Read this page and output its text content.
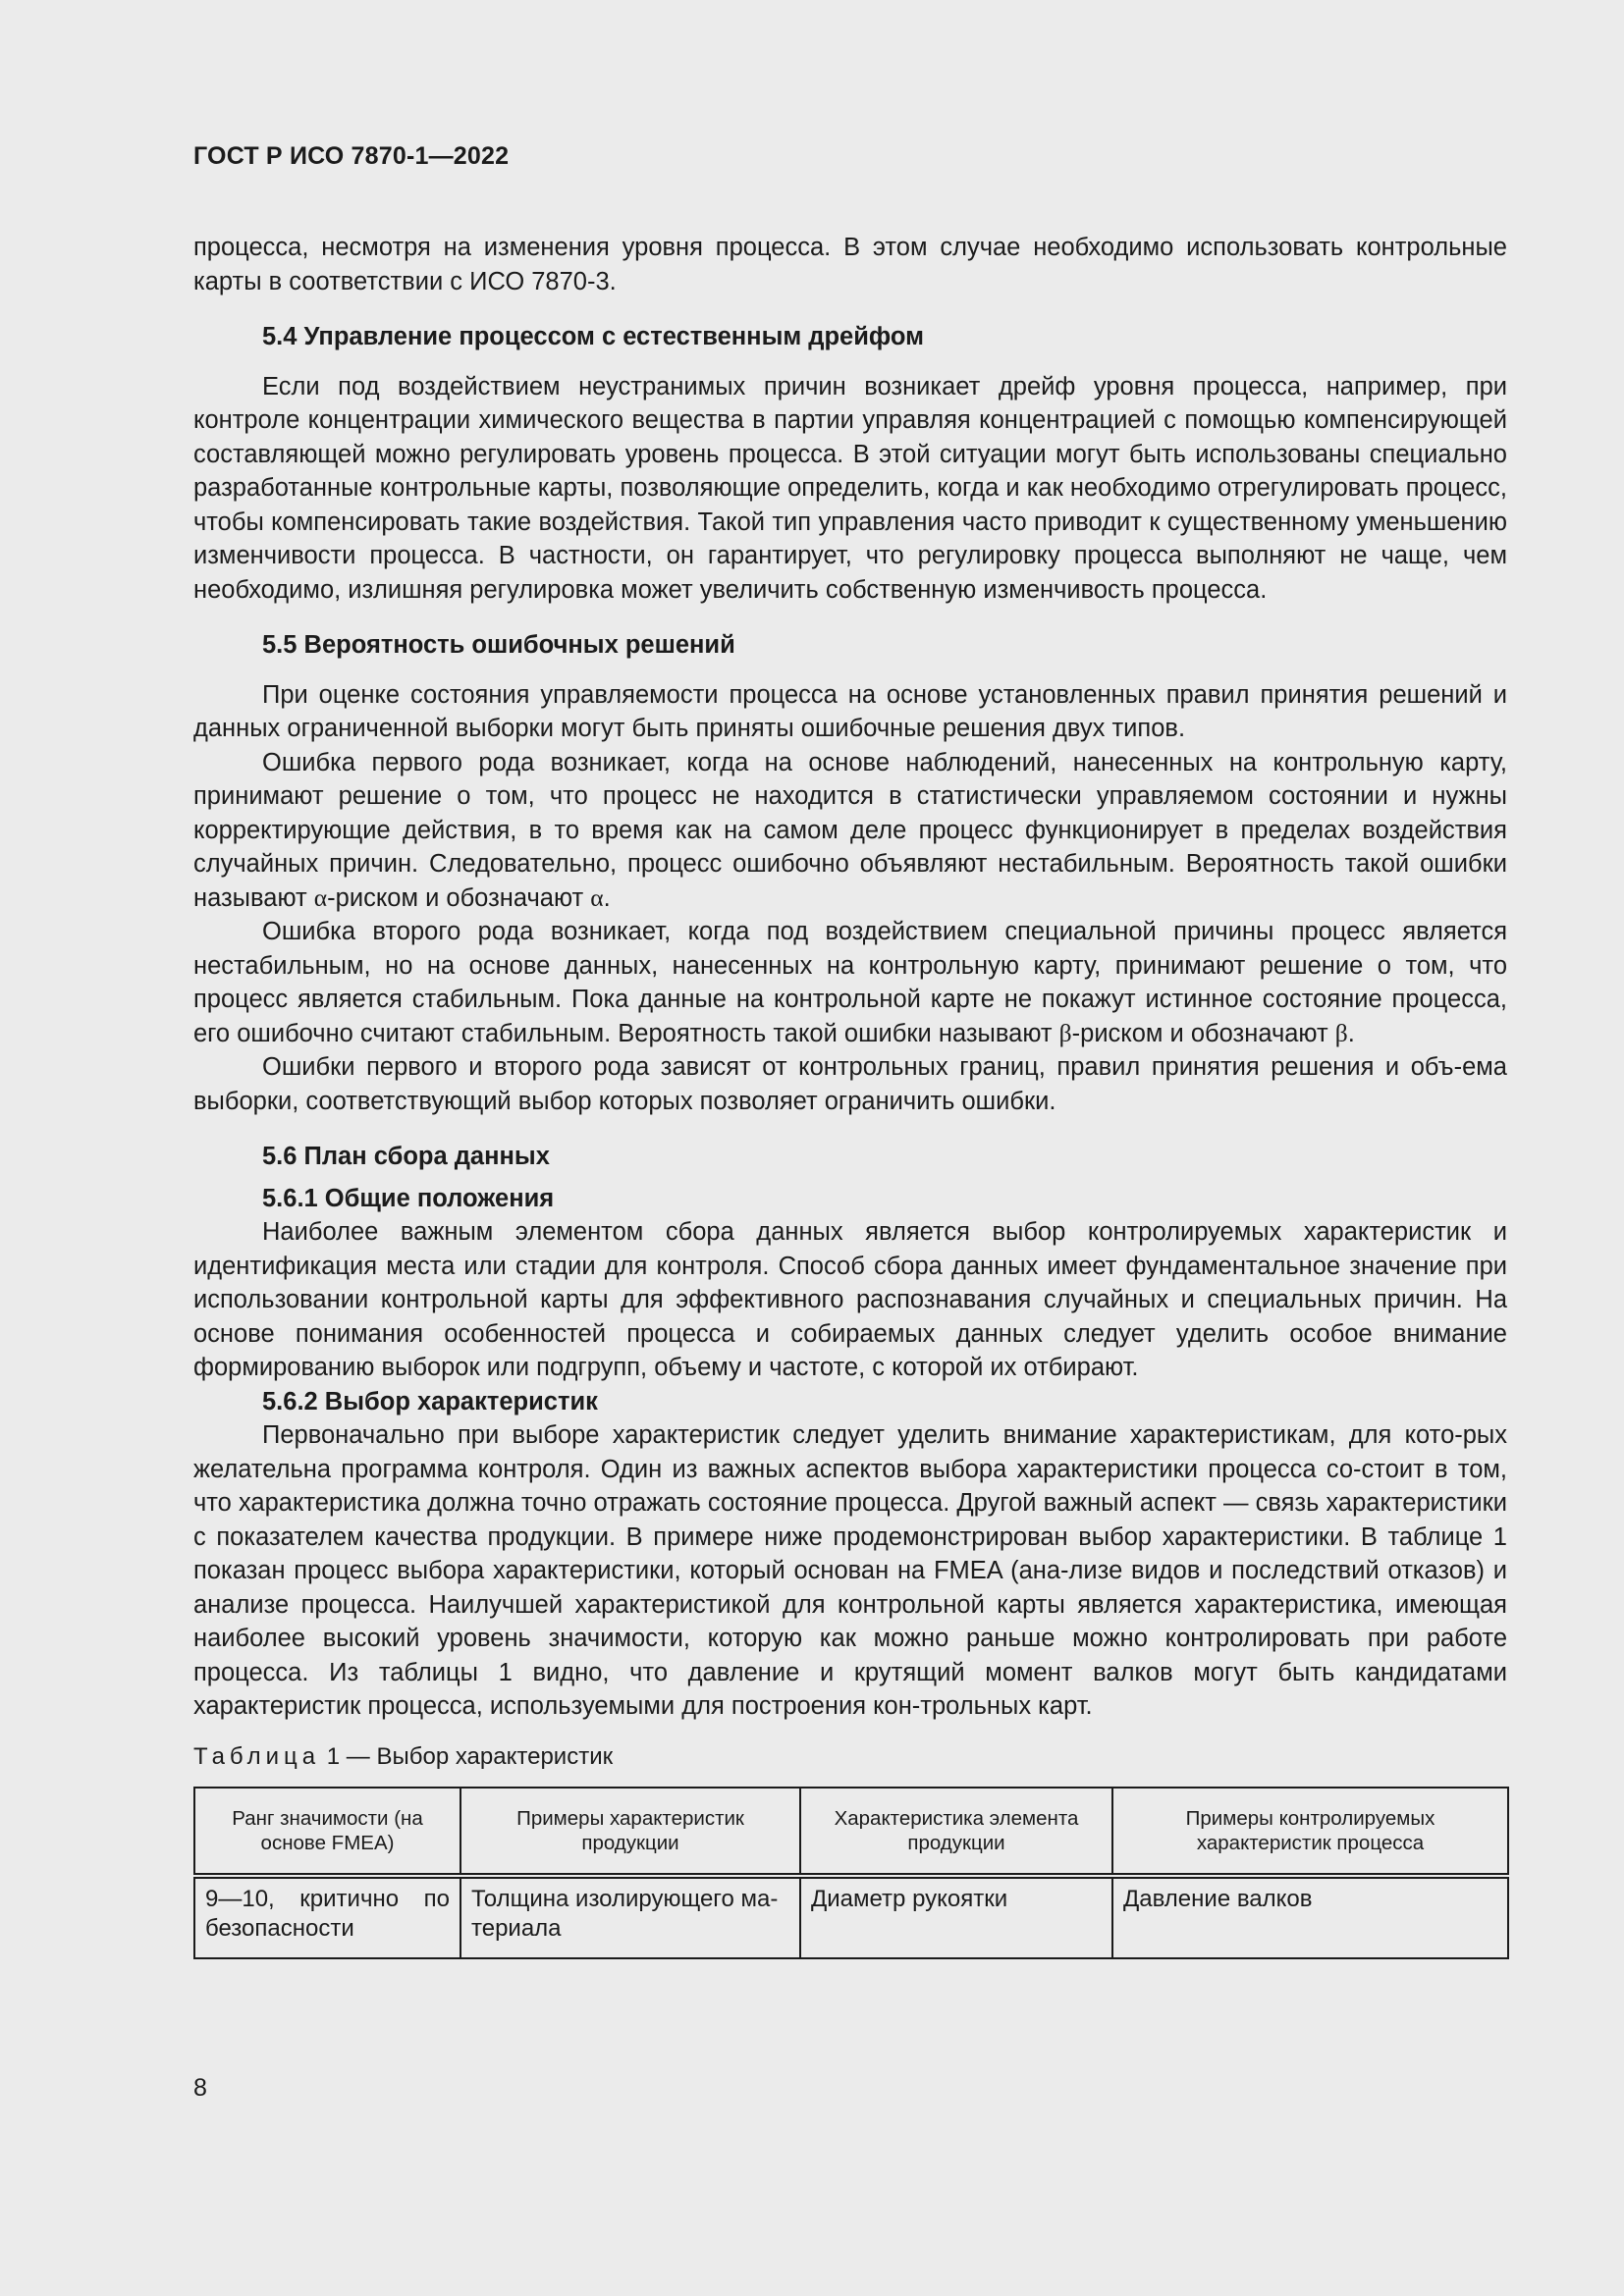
ГОСТ Р ИСО 7870-1—2022

процесса, несмотря на изменения уровня процесса. В этом случае необходимо использовать контрольные карты в соответствии с ИСО 7870-3.

5.4 Управление процессом с естественным дрейфом

Если под воздействием неустранимых причин возникает дрейф уровня процесса, например, при контроле концентрации химического вещества в партии управляя концентрацией с помощью компенсирующей составляющей можно регулировать уровень процесса. В этой ситуации могут быть использованы специально разработанные контрольные карты, позволяющие определить, когда и как необходимо отрегулировать процесс, чтобы компенсировать такие воздействия. Такой тип управления часто приводит к существенному уменьшению изменчивости процесса. В частности, он гарантирует, что регулировку процесса выполняют не чаще, чем необходимо, излишняя регулировка может увеличить собственную изменчивость процесса.

5.5 Вероятность ошибочных решений

При оценке состояния управляемости процесса на основе установленных правил принятия решений и данных ограниченной выборки могут быть приняты ошибочные решения двух типов.

Ошибка первого рода возникает, когда на основе наблюдений, нанесенных на контрольную карту, принимают решение о том, что процесс не находится в статистически управляемом состоянии и нужны корректирующие действия, в то время как на самом деле процесс функционирует в пределах воздействия случайных причин. Следовательно, процесс ошибочно объявляют нестабильным. Вероятность такой ошибки называют α-риском и обозначают α.

Ошибка второго рода возникает, когда под воздействием специальной причины процесс является нестабильным, но на основе данных, нанесенных на контрольную карту, принимают решение о том, что процесс является стабильным. Пока данные на контрольной карте не покажут истинное состояние процесса, его ошибочно считают стабильным. Вероятность такой ошибки называют β-риском и обозначают β.

Ошибки первого и второго рода зависят от контрольных границ, правил принятия решения и объ-ема выборки, соответствующий выбор которых позволяет ограничить ошибки.

5.6 План сбора данных
5.6.1 Общие положения

Наиболее важным элементом сбора данных является выбор контролируемых характеристик и идентификация места или стадии для контроля. Способ сбора данных имеет фундаментальное значение при использовании контрольной карты для эффективного распознавания случайных и специальных причин. На основе понимания особенностей процесса и собираемых данных следует уделить особое внимание формированию выборок или подгрупп, объему и частоте, с которой их отбирают.

5.6.2 Выбор характеристик

Первоначально при выборе характеристик следует уделить внимание характеристикам, для кото-рых желательна программа контроля. Один из важных аспектов выбора характеристики процесса со-стоит в том, что характеристика должна точно отражать состояние процесса. Другой важный аспект — связь характеристики с показателем качества продукции. В примере ниже продемонстрирован выбор характеристики. В таблице 1 показан процесс выбора характеристики, который основан на FMEA (ана-лизе видов и последствий отказов) и анализе процесса. Наилучшей характеристикой для контрольной карты является характеристика, имеющая наиболее высокий уровень значимости, которую как можно раньше можно контролировать при работе процесса. Из таблицы 1 видно, что давление и крутящий момент валков могут быть кандидатами характеристик процесса, используемыми для построения кон-трольных карт.

Таблица 1 — Выбор характеристик
Ранг значимости (на основе FMEA)	Примеры характеристик продукции	Характеристика элемента продукции	Примеры контролируемых характеристик процесса
9—10, критично по безопасности	Толщина изолирующего ма-териала	Диаметр рукоятки	Давление валков
8
